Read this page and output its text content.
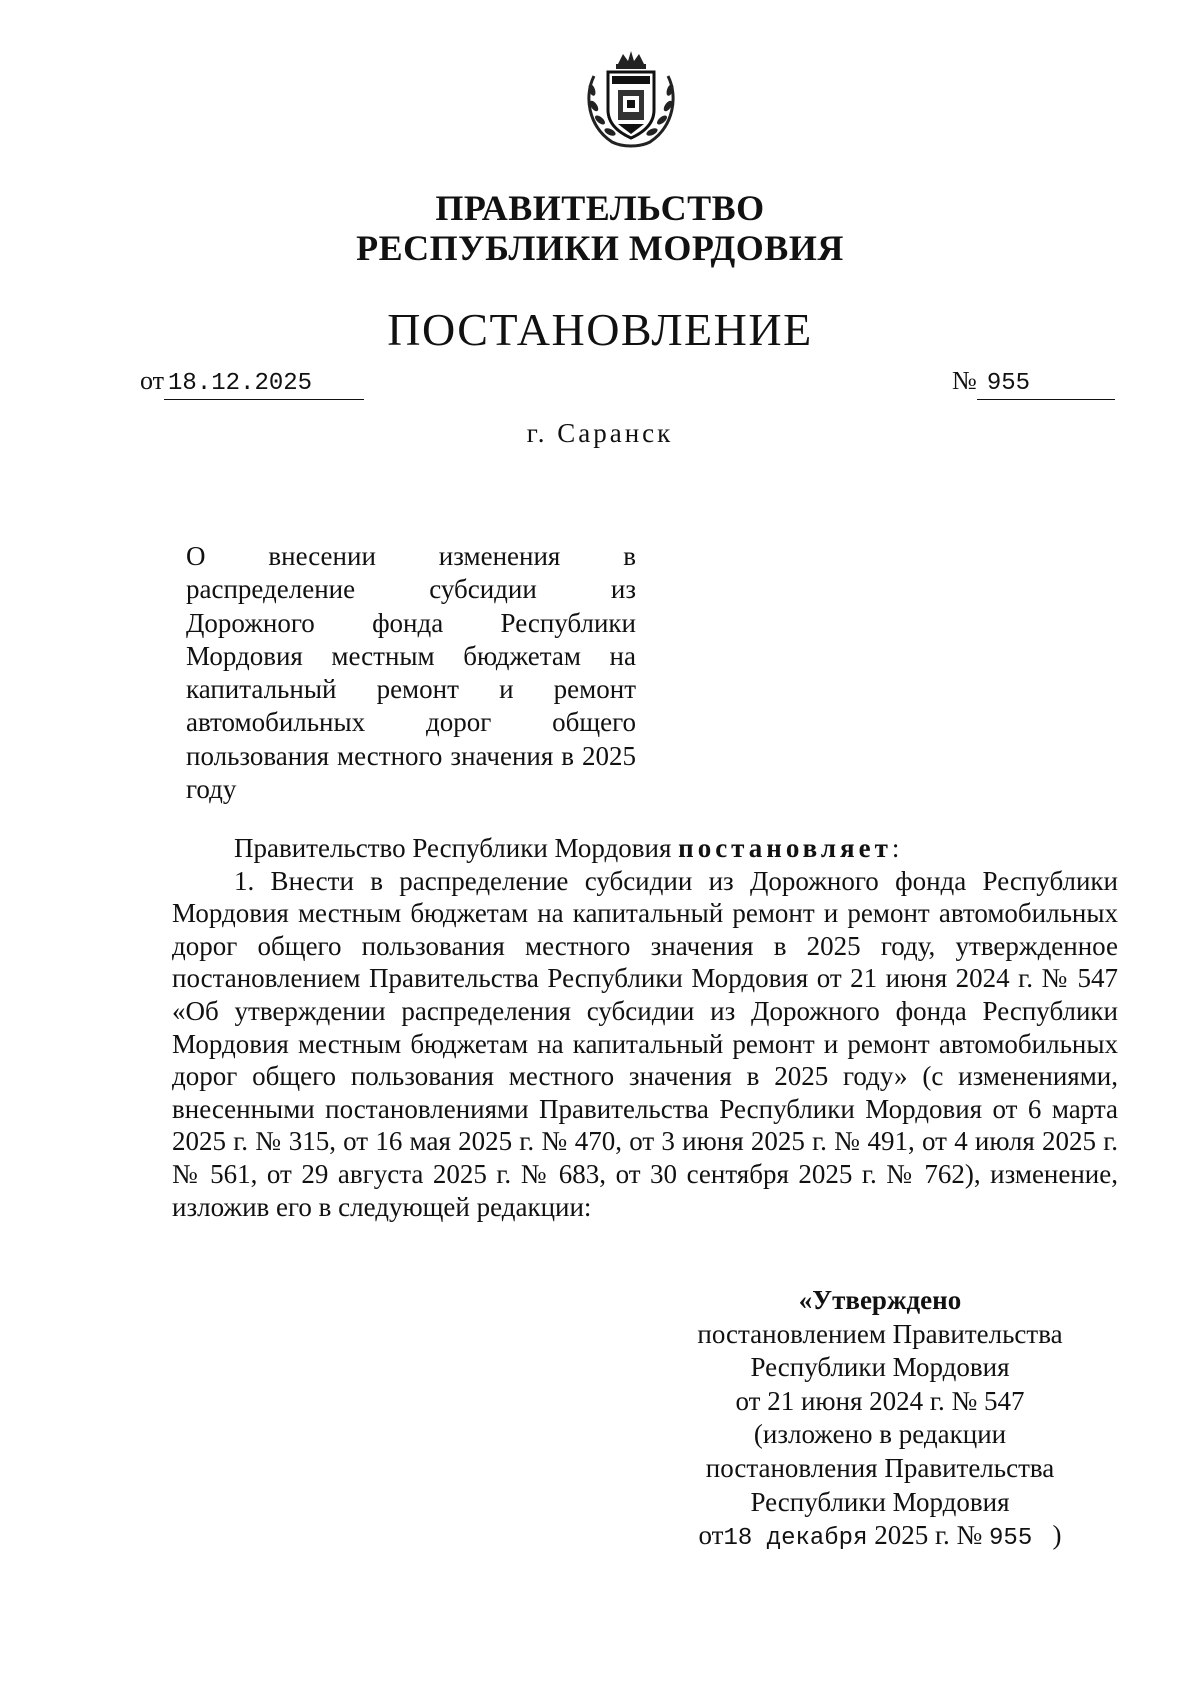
ПРАВИТЕЛЬСТВО
РЕСПУБЛИКИ МОРДОВИЯ
ПОСТАНОВЛЕНИЕ
от 18.12.2025	№ 955
г. Саранск
О внесении изменения в распределение субсидии из Дорожного фонда Республики Мордовия местным бюджетам на капитальный ремонт и ремонт автомобильных дорог общего пользования местного значения в 2025 году

Правительство Республики Мордовия постановляет:

1. Внести в распределение субсидии из Дорожного фонда Республики Мордовия местным бюджетам на капитальный ремонт и ремонт автомобильных дорог общего пользования местного значения в 2025 году, утвержденное постановлением Правительства Республики Мордовия от 21 июня 2024 г. № 547 «Об утверждении распределения субсидии из Дорожного фонда Республики Мордовия местным бюджетам на капитальный ремонт и ремонт автомобильных дорог общего пользования местного значения в 2025 году» (с изменениями, внесенными постановлениями Правительства Республики Мордовия от 6 марта 2025 г. № 315, от 16 мая 2025 г. № 470, от 3 июня 2025 г. № 491, от 4 июля 2025 г. № 561, от 29 августа 2025 г. № 683, от 30 сентября 2025 г. № 762), изменение, изложив его в следующей редакции:

«Утверждено
постановлением Правительства
Республики Мордовия
от 21 июня 2024 г. № 547
(изложено в редакции
постановления Правительства
Республики Мордовия
от18 декабря 2025 г. № 955 )
